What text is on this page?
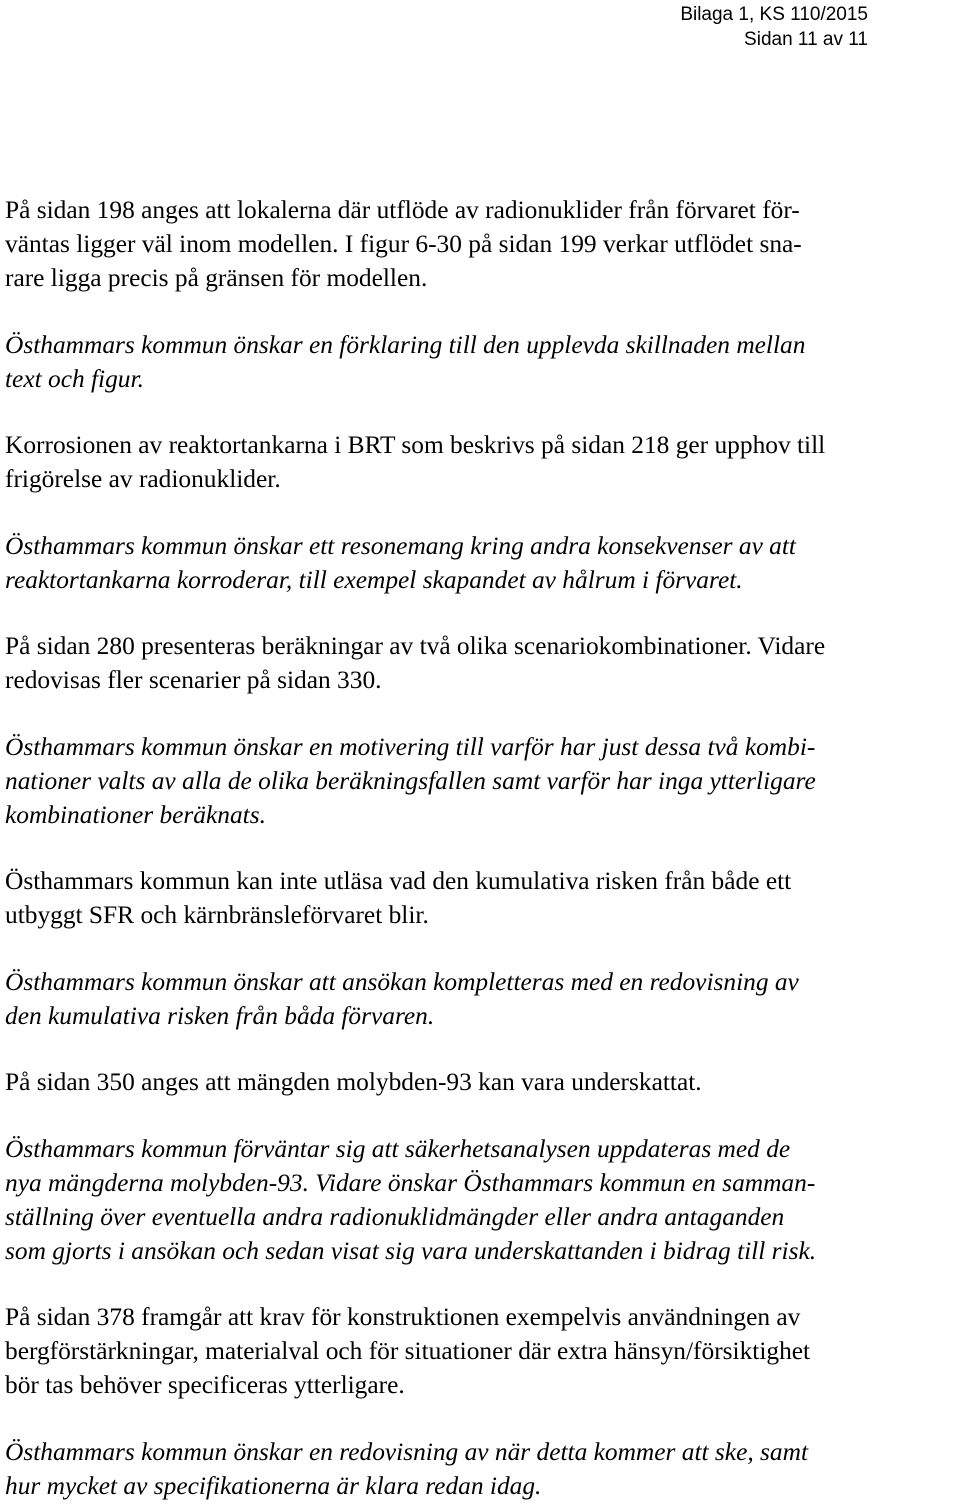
Bilaga 1, KS 110/2015
Sidan 11 av 11

På sidan 198 anges att lokalerna där utflöde av radionuklider från förvaret för-
väntas ligger väl inom modellen. I figur 6-30 på sidan 199 verkar utflödet sna-
rare ligga precis på gränsen för modellen.

Östhammars kommun önskar en förklaring till den upplevda skillnaden mellan
text och figur.

Korrosionen av reaktortankarna i BRT som beskrivs på sidan 218 ger upphov till
frigörelse av radionuklider.

Östhammars kommun önskar ett resonemang kring andra konsekvenser av att
reaktortankarna korroderar, till exempel skapandet av hålrum i förvaret.

På sidan 280 presenteras beräkningar av två olika scenariokombinationer. Vidare
redovisas fler scenarier på sidan 330.

Östhammars kommun önskar en motivering till varför har just dessa två kombi-
nationer valts av alla de olika beräkningsfallen samt varför har inga ytterligare
kombinationer beräknats.

Östhammars kommun kan inte utläsa vad den kumulativa risken från både ett
utbyggt SFR och kärnbränsleförvaret blir.

Östhammars kommun önskar att ansökan kompletteras med en redovisning av
den kumulativa risken från båda förvaren.

På sidan 350 anges att mängden molybden-93 kan vara underskattat.

Östhammars kommun förväntar sig att säkerhetsanalysen uppdateras med de
nya mängderna molybden-93. Vidare önskar Östhammars kommun en samman-
ställning över eventuella andra radionuklidmängder eller andra antaganden
som gjorts i ansökan och sedan visat sig vara underskattanden i bidrag till risk.

På sidan 378 framgår att krav för konstruktionen exempelvis användningen av
bergförstärkningar, materialval och för situationer där extra hänsyn/försiktighet
bör tas behöver specificeras ytterligare.

Östhammars kommun önskar en redovisning av när detta kommer att ske, samt
hur mycket av specifikationerna är klara redan idag.
